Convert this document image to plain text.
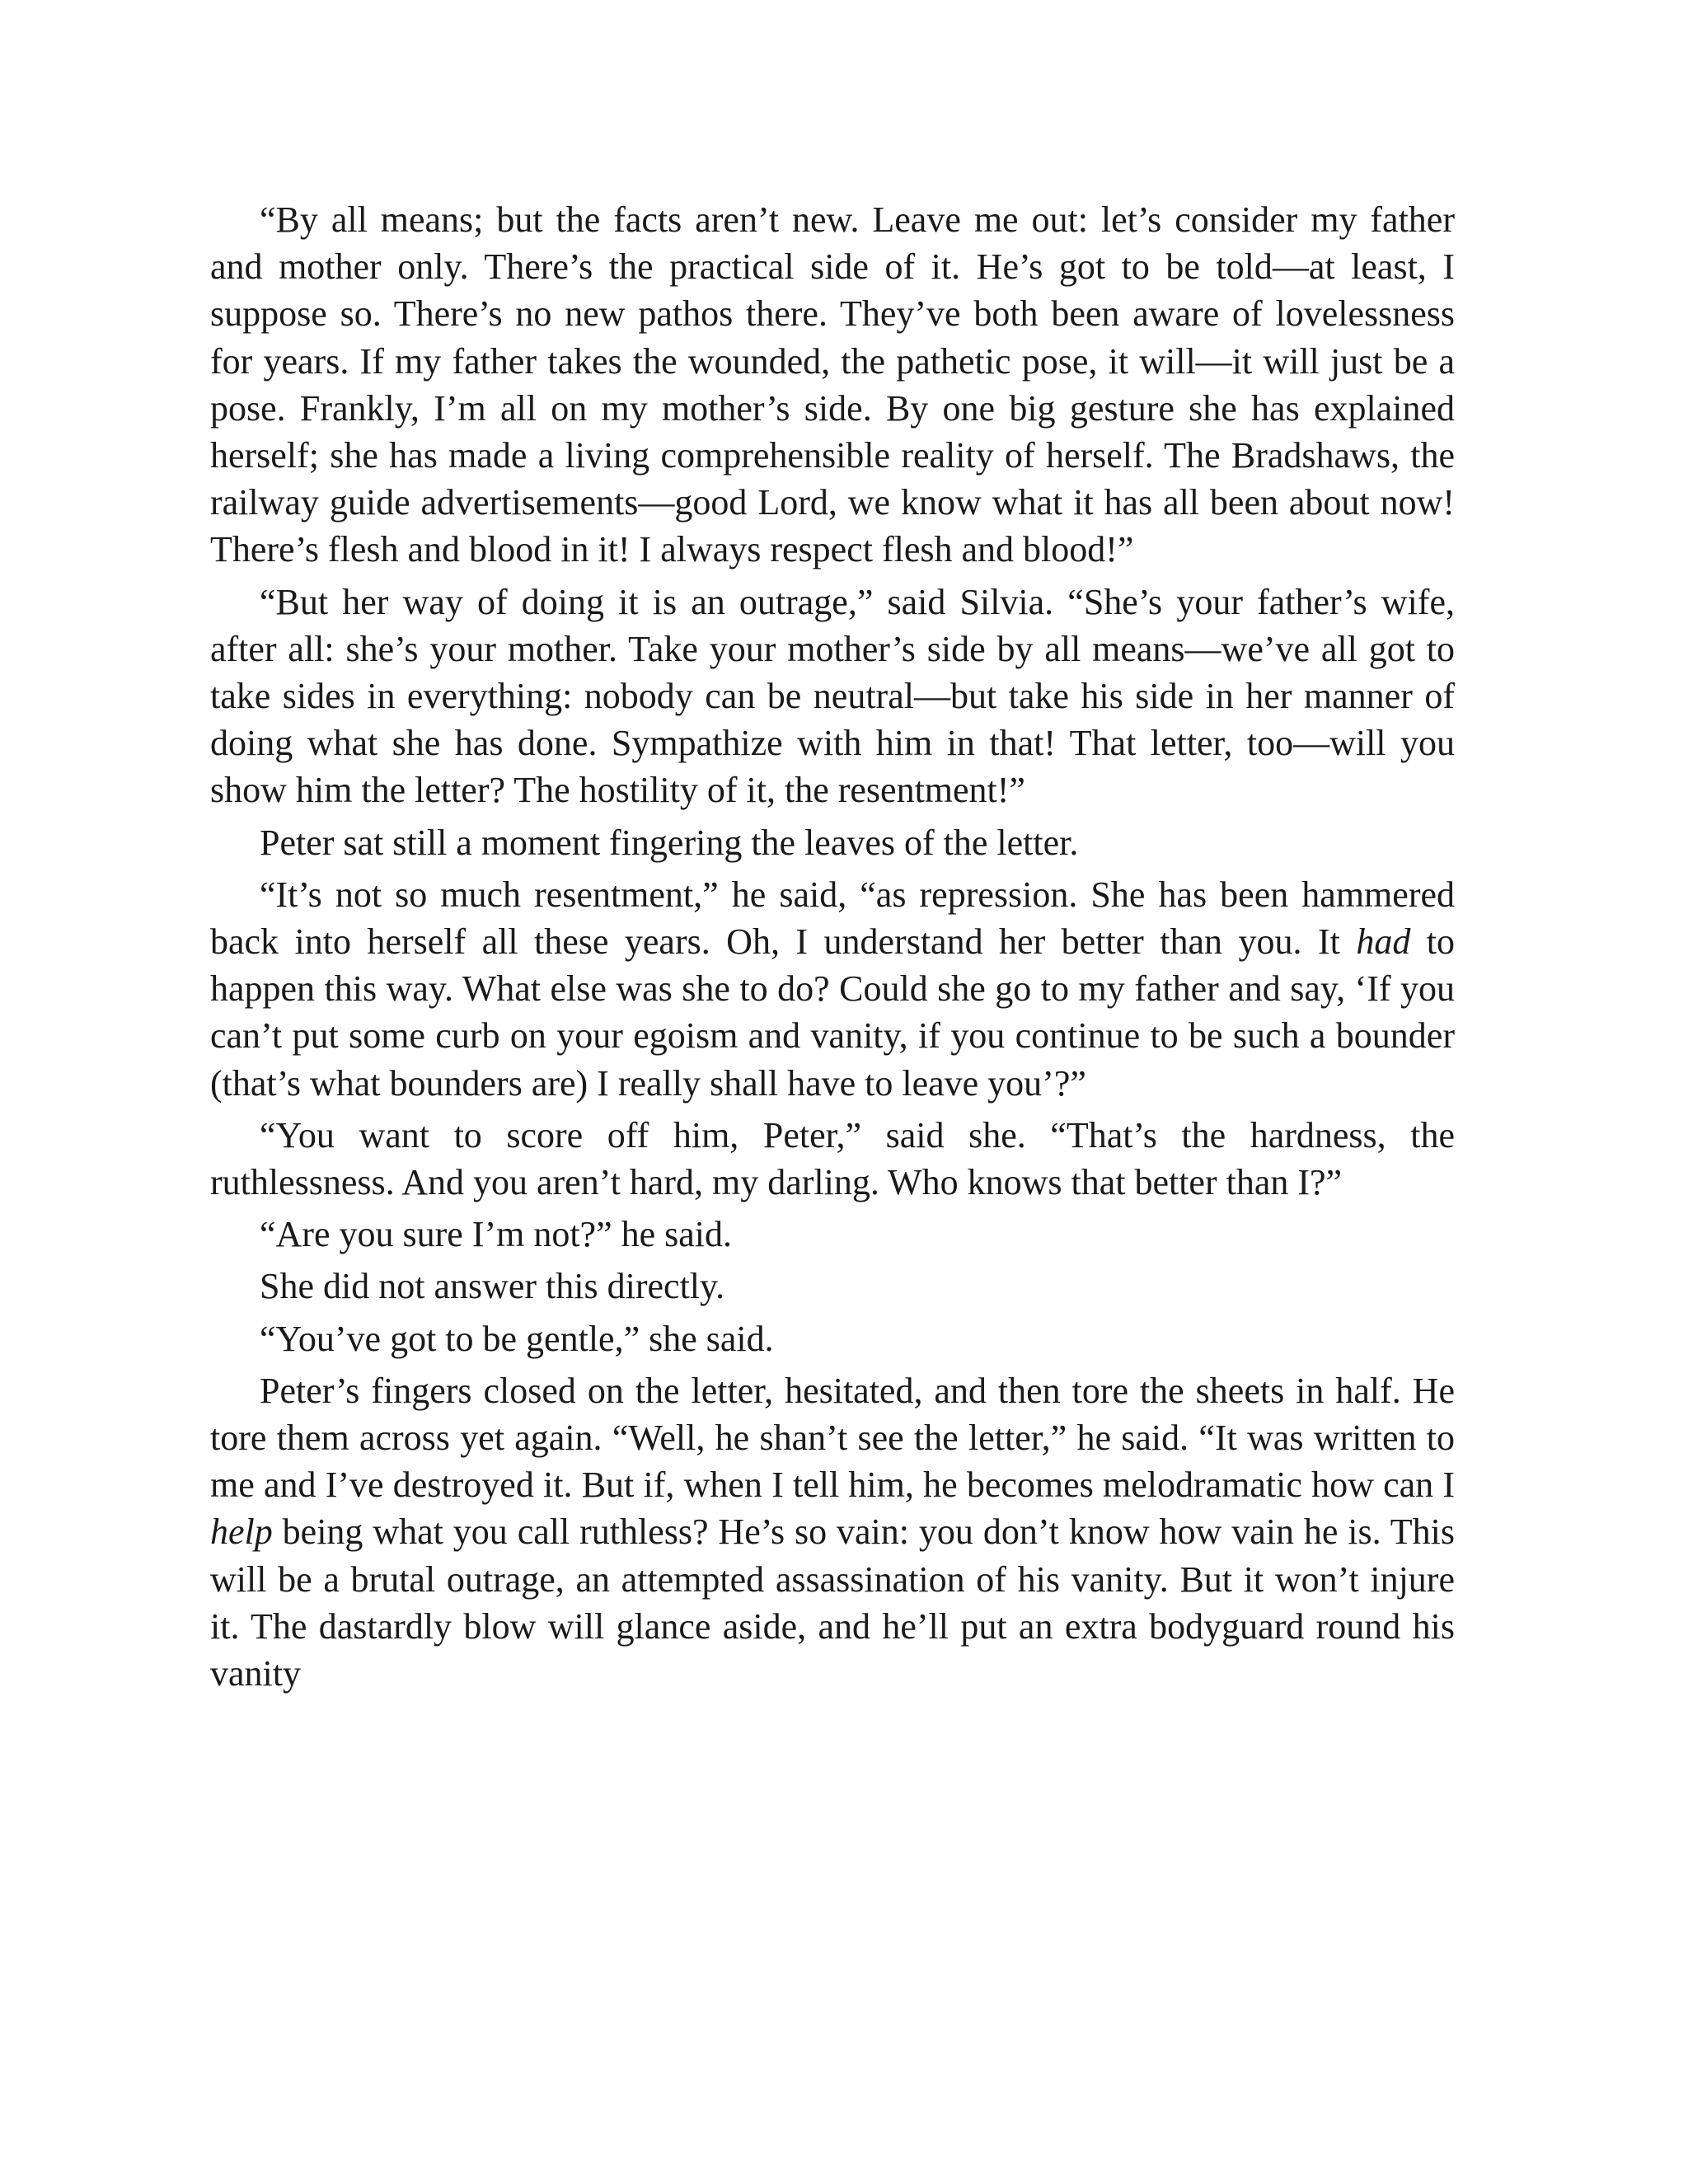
“By all means; but the facts aren’t new. Leave me out: let’s consider my father and mother only. There’s the practical side of it. He’s got to be told—at least, I suppose so. There’s no new pathos there. They’ve both been aware of lovelessness for years. If my father takes the wounded, the pathetic pose, it will—it will just be a pose. Frankly, I’m all on my mother’s side. By one big gesture she has explained herself; she has made a living comprehensible reality of herself. The Bradshaws, the railway guide advertisements—good Lord, we know what it has all been about now! There’s flesh and blood in it! I always respect flesh and blood!”

“But her way of doing it is an outrage,” said Silvia. “She’s your father’s wife, after all: she’s your mother. Take your mother’s side by all means—we’ve all got to take sides in everything: nobody can be neutral—but take his side in her manner of doing what she has done. Sympathize with him in that! That letter, too—will you show him the letter? The hostility of it, the resentment!”

Peter sat still a moment fingering the leaves of the letter.

“It’s not so much resentment,” he said, “as repression. She has been hammered back into herself all these years. Oh, I understand her better than you. It had to happen this way. What else was she to do? Could she go to my father and say, ‘If you can’t put some curb on your egoism and vanity, if you continue to be such a bounder (that’s what bounders are) I really shall have to leave you’?”

“You want to score off him, Peter,” said she. “That’s the hardness, the ruthlessness. And you aren’t hard, my darling. Who knows that better than I?”

“Are you sure I’m not?” he said.

She did not answer this directly.

“You’ve got to be gentle,” she said.

Peter’s fingers closed on the letter, hesitated, and then tore the sheets in half. He tore them across yet again. “Well, he shan’t see the letter,” he said. “It was written to me and I’ve destroyed it. But if, when I tell him, he becomes melodramatic how can I help being what you call ruthless? He’s so vain: you don’t know how vain he is. This will be a brutal outrage, an attempted assassination of his vanity. But it won’t injure it. The dastardly blow will glance aside, and he’ll put an extra bodyguard round his vanity
